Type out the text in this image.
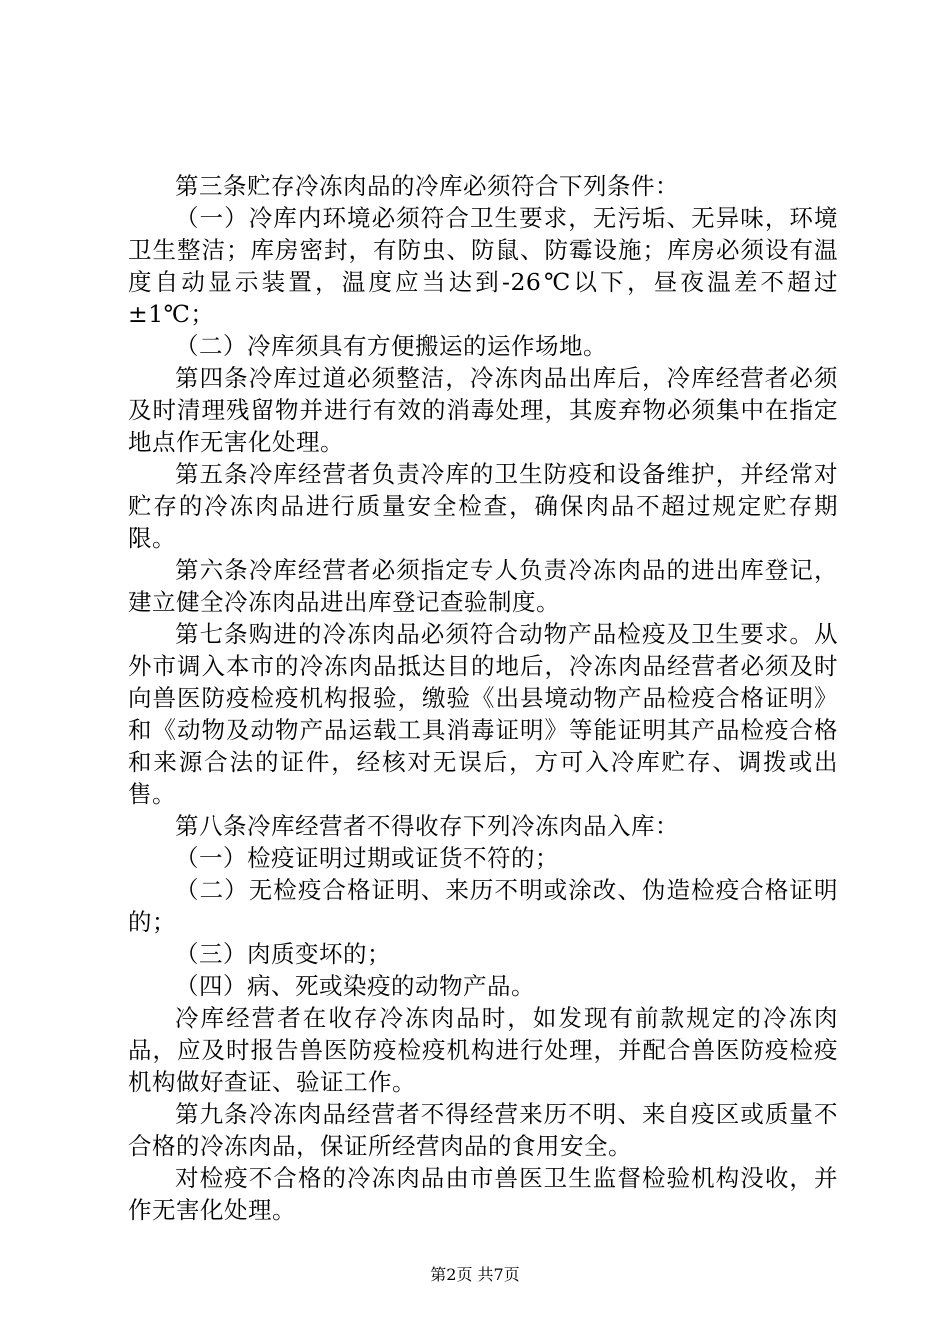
第三条贮存冷冻肉品的冷库必须符合下列条件：

（一）冷库内环境必须符合卫生要求，无污垢、无异味，环境卫生整洁；库房密封，有防虫、防鼠、防霉设施；库房必须设有温度自动显示装置，温度应当达到-26℃以下，昼夜温差不超过±1℃；

（二）冷库须具有方便搬运的运作场地。

第四条冷库过道必须整洁，冷冻肉品出库后，冷库经营者必须及时清理残留物并进行有效的消毒处理，其废弃物必须集中在指定地点作无害化处理。

第五条冷库经营者负责冷库的卫生防疫和设备维护，并经常对贮存的冷冻肉品进行质量安全检查，确保肉品不超过规定贮存期限。

第六条冷库经营者必须指定专人负责冷冻肉品的进出库登记，建立健全冷冻肉品进出库登记查验制度。

第七条购进的冷冻肉品必须符合动物产品检疫及卫生要求。从外市调入本市的冷冻肉品抵达目的地后，冷冻肉品经营者必须及时向兽医防疫检疫机构报验，缴验《出县境动物产品检疫合格证明》和《动物及动物产品运载工具消毒证明》等能证明其产品检疫合格和来源合法的证件，经核对无误后，方可入冷库贮存、调拨或出售。

第八条冷库经营者不得收存下列冷冻肉品入库：

（一）检疫证明过期或证货不符的；

（二）无检疫合格证明、来历不明或涂改、伪造检疫合格证明的；

（三）肉质变坏的；

（四）病、死或染疫的动物产品。

冷库经营者在收存冷冻肉品时，如发现有前款规定的冷冻肉品，应及时报告兽医防疫检疫机构进行处理，并配合兽医防疫检疫机构做好查证、验证工作。

第九条冷冻肉品经营者不得经营来历不明、来自疫区或质量不合格的冷冻肉品，保证所经营肉品的食用安全。

对检疫不合格的冷冻肉品由市兽医卫生监督检验机构没收，并作无害化处理。

第2页 共7页
